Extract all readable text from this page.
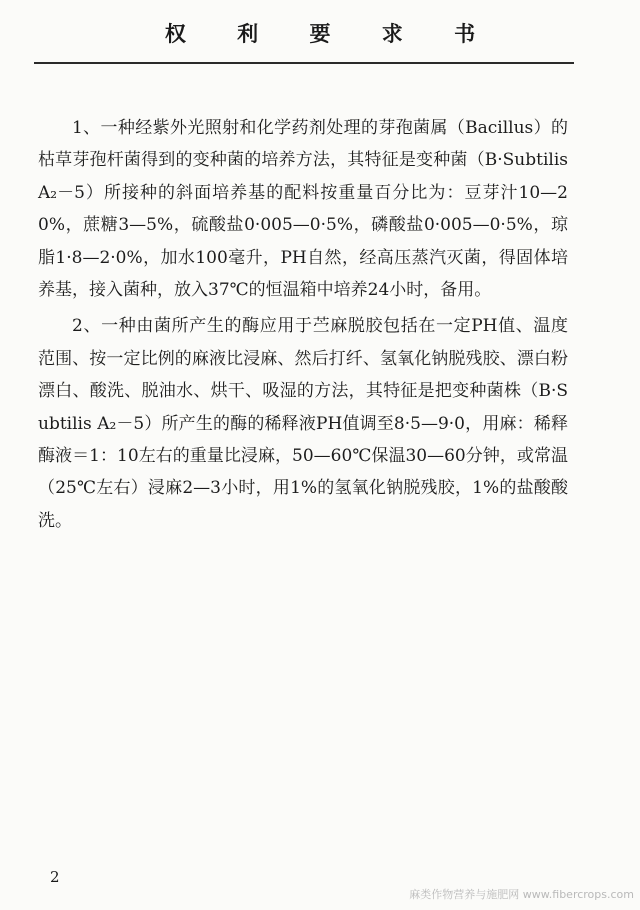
权 利 要 求 书

1、一种经紫外光照射和化学药剂处理的芽孢菌属（Bacillus）的枯草芽孢杆菌得到的变种菌的培养方法，其特征是变种菌（B·Subtilis A₂－5）所接种的斜面培养基的配料按重量百分比为：豆芽汁10—20%，蔗糖3—5%，硫酸盐0·005—0·5%，磷酸盐0·005—0·5%，琼脂1·8—2·0%，加水100毫升，PH自然，经高压蒸汽灭菌，得固体培养基，接入菌种，放入37℃的恒温箱中培养24小时，备用。

2、一种由菌所产生的酶应用于苎麻脱胶包括在一定PH值、温度范围、按一定比例的麻液比浸麻、然后打纤、氢氧化钠脱残胶、漂白粉漂白、酸洗、脱油水、烘干、吸湿的方法，其特征是把变种菌株（B·Subtilis A₂－5）所产生的酶的稀释液PH值调至8·5—9·0，用麻：稀释酶液＝1：10左右的重量比浸麻，50—60℃保温30—60分钟，或常温（25℃左右）浸麻2—3小时，用1%的氢氧化钠脱残胶，1%的盐酸酸洗。

2
麻类作物营养与施肥网 www.fibercrops.com
